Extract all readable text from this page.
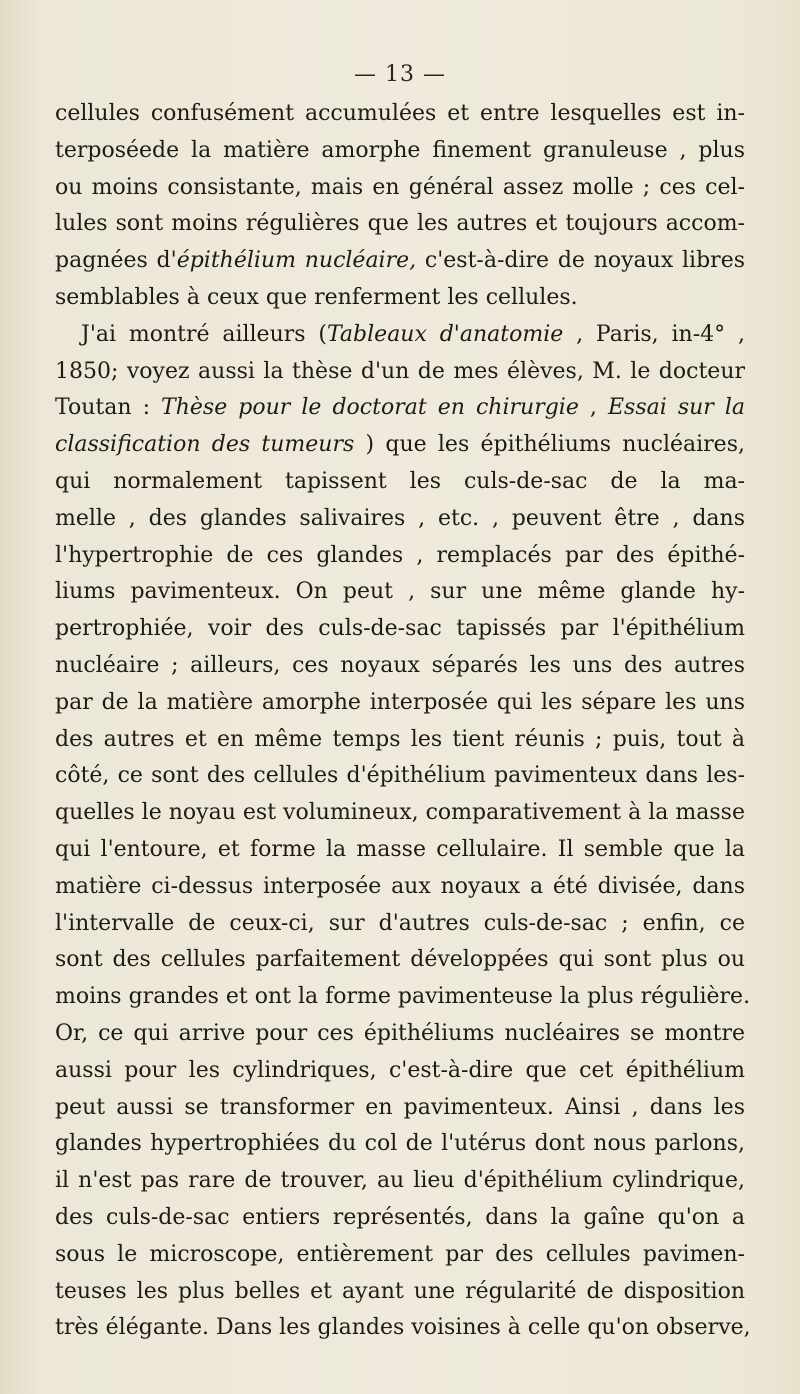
— 13 —
cellules confusément accumulées et entre lesquelles est in-
terposéede la matière amorphe finement granuleuse , plus
ou moins consistante, mais en général assez molle ; ces cel-
lules sont moins régulières que les autres et toujours accom-
pagnées d'épithélium nucléaire, c'est-à-dire de noyaux libres
semblables à ceux que renferment les cellules.
J'ai montré ailleurs (Tableaux d'anatomie , Paris, in-4° ,
1850; voyez aussi la thèse d'un de mes élèves, M. le docteur
Toutan : Thèse pour le doctorat en chirurgie , Essai sur la
classification des tumeurs ) que les épithéliums nucléaires,
qui normalement tapissent les culs-de-sac de la ma-
melle , des glandes salivaires , etc. , peuvent être , dans
l'hypertrophie de ces glandes , remplacés par des épithé-
liums pavimenteux. On peut , sur une même glande hy-
pertrophiée, voir des culs-de-sac tapissés par l'épithélium
nucléaire ; ailleurs, ces noyaux séparés les uns des autres
par de la matière amorphe interposée qui les sépare les uns
des autres et en même temps les tient réunis ; puis, tout à
côté, ce sont des cellules d'épithélium pavimenteux dans les-
quelles le noyau est volumineux, comparativement à la masse
qui l'entoure, et forme la masse cellulaire. Il semble que la
matière ci-dessus interposée aux noyaux a été divisée, dans
l'intervalle de ceux-ci, sur d'autres culs-de-sac ; enfin, ce
sont des cellules parfaitement développées qui sont plus ou
moins grandes et ont la forme pavimenteuse la plus régulière.
Or, ce qui arrive pour ces épithéliums nucléaires se montre
aussi pour les cylindriques, c'est-à-dire que cet épithélium
peut aussi se transformer en pavimenteux. Ainsi , dans les
glandes hypertrophiées du col de l'utérus dont nous parlons,
il n'est pas rare de trouver, au lieu d'épithélium cylindrique,
des culs-de-sac entiers représentés, dans la gaîne qu'on a
sous le microscope, entièrement par des cellules pavimen-
teuses les plus belles et ayant une régularité de disposition
très élégante. Dans les glandes voisines à celle qu'on observe,
